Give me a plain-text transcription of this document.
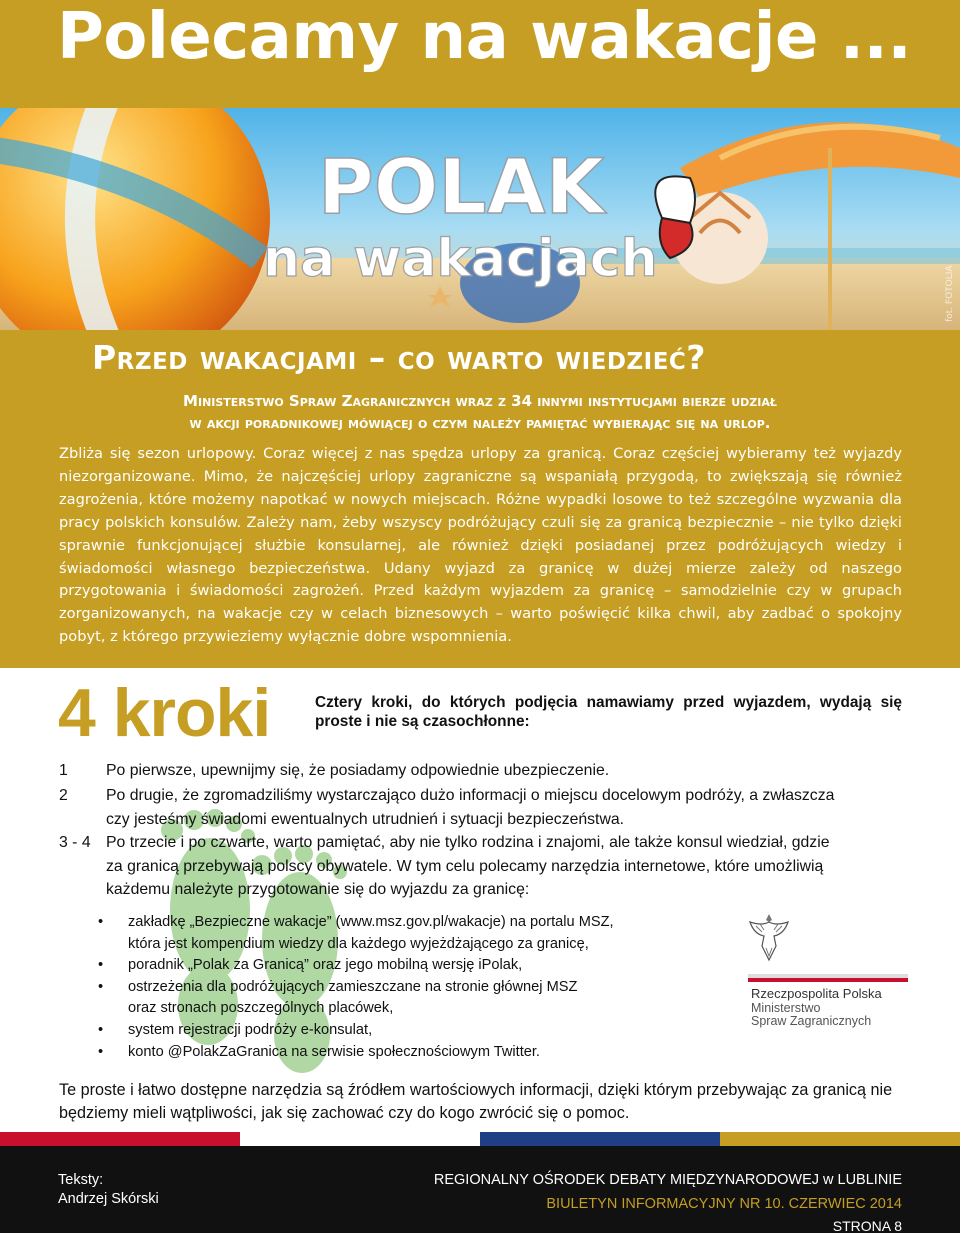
Polecamy na wakacje ...
POLAK
na wakacjach
fot. FOTOLIA
Przed wakacjami – co warto wiedzieć?
Ministerstwo Spraw Zagranicznych wraz z 34 innymi instytucjami bierze udział
w akcji poradnikowej mówiącej o czym należy pamiętać wybierając się na urlop.
Zbliża się sezon urlopowy. Coraz więcej z nas spędza urlopy za granicą. Coraz częściej wybieramy też wyjazdy niezorganizowane. Mimo, że najczęściej urlopy zagraniczne są wspaniałą przygodą, to zwiększają się również zagrożenia, które możemy napotkać w nowych miejscach. Różne wypadki losowe to też szczególne wyzwania dla pracy polskich konsulów. Zależy nam, żeby wszyscy podróżujący czuli się za granicą bezpiecznie – nie tylko dzięki sprawnie funkcjonującej służbie konsularnej, ale również dzięki posiadanej przez podróżujących wiedzy i świadomości własnego bezpieczeństwa. Udany wyjazd za granicę w dużej mierze zależy od naszego przygotowania i świadomości zagrożeń. Przed każdym wyjazdem za granicę – samodzielnie czy w grupach zorganizowanych, na wakacje czy w celach biznesowych – warto poświęcić kilka chwil, aby zadbać o spokojny pobyt, z którego przywieziemy wyłącznie dobre wspomnienia.
4 kroki	Cztery kroki, do których podjęcia namawiamy przed wyjazdem, wydają się proste i nie są czasochłonne:
1	Po pierwsze, upewnijmy się, że posiadamy odpowiednie ubezpieczenie.
2	Po drugie, że zgromadziliśmy wystarczająco dużo informacji o miejscu docelowym podróży, a zwłaszcza
czy jesteśmy świadomi ewentualnych utrudnień i sytuacji bezpieczeństwa.
3 - 4 Po trzecie i po czwarte, warto pamiętać, aby nie tylko rodzina i znajomi, ale także konsul wiedział, gdzie
za granicą przebywają polscy obywatele. W tym celu polecamy narzędzia internetowe, które umożliwią
każdemu należyte przygotowanie się do wyjazdu za granicę:
• zakładkę „Bezpieczne wakacje” (www.msz.gov.pl/wakacje) na portalu MSZ,
która jest kompendium wiedzy dla każdego wyjeżdżającego za granicę,
• poradnik „Polak za Granicą” oraz jego mobilną wersję iPolak,
• ostrzeżenia dla podróżujących zamieszczane na stronie głównej MSZ
oraz stronach poszczególnych placówek,
• system rejestracji podróży e-konsulat,
• konto @PolakZaGranica na serwisie społecznościowym Twitter.
Rzeczpospolita Polska
Ministerstwo
Spraw Zagranicznych
Te proste i łatwo dostępne narzędzia są źródłem wartościowych informacji, dzięki którym przebywając za granicą nie będziemy mieli wątpliwości, jak się zachować czy do kogo zwrócić się o pomoc.
Teksty:
Andrzej Skórski
REGIONALNY OŚRODEK DEBATY MIĘDZYNARODOWEJ w LUBLINIE
BIULETYN INFORMACYJNY NR 10. CZERWIEC 2014
STRONA 8
